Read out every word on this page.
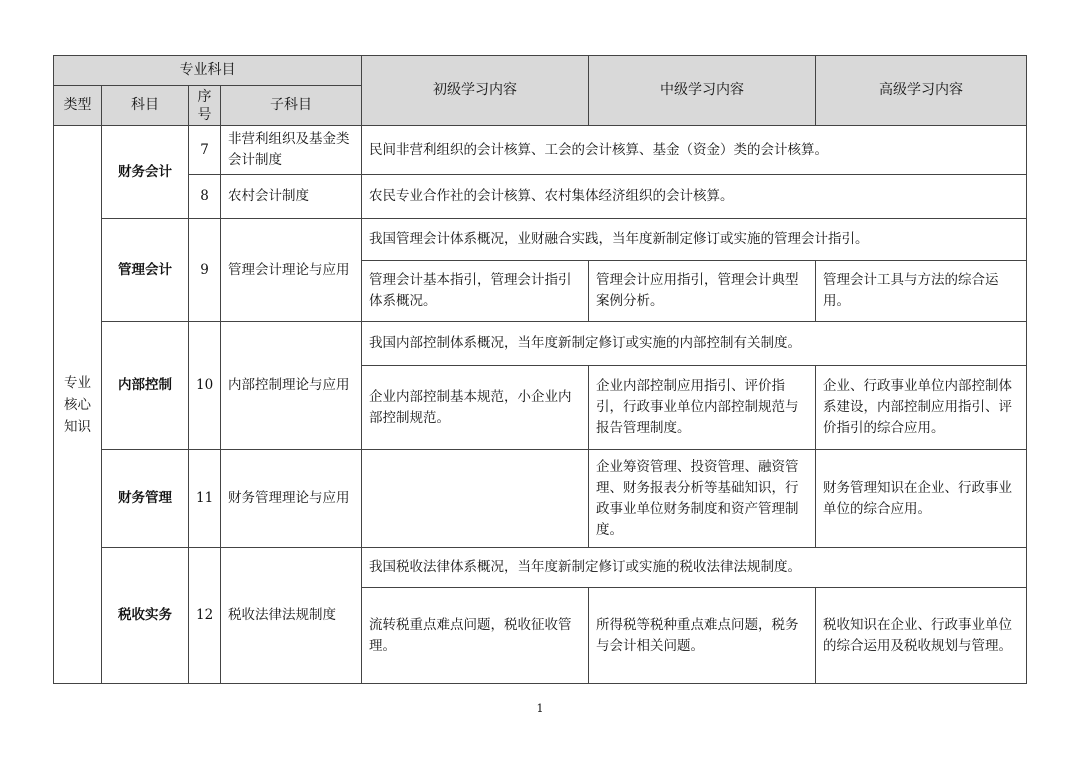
专业科目				初级学习内容	中级学习内容	高级学习内容
类型	科目	序号	子科目			
专业核心知识	财务会计	7	非营利组织及基金类会计制度	民间非营利组织的会计核算、工会的会计核算、基金（资金）类的会计核算。		
		8	农村会计制度	农民专业合作社的会计核算、农村集体经济组织的会计核算。		
	管理会计	9	管理会计理论与应用	我国管理会计体系概况，业财融合实践，当年度新制定修订或实施的管理会计指引。		
				管理会计基本指引，管理会计指引体系概况。	管理会计应用指引，管理会计典型案例分析。	管理会计工具与方法的综合运用。
	内部控制	10	内部控制理论与应用	我国内部控制体系概况，当年度新制定修订或实施的内部控制有关制度。		
				企业内部控制基本规范，小企业内部控制规范。	企业内部控制应用指引、评价指引，行政事业单位内部控制规范与报告管理制度。	企业、行政事业单位内部控制体系建设，内部控制应用指引、评价指引的综合应用。
	财务管理	11	财务管理理论与应用		企业筹资管理、投资管理、融资管理、财务报表分析等基础知识，行政事业单位财务制度和资产管理制度。	财务管理知识在企业、行政事业单位的综合应用。
	税收实务	12	税收法律法规制度	我国税收法律体系概况，当年度新制定修订或实施的税收法律法规制度。		
				流转税重点难点问题，税收征收管理。	所得税等税种重点难点问题，税务与会计相关问题。	税收知识在企业、行政事业单位的综合运用及税收规划与管理。
1
